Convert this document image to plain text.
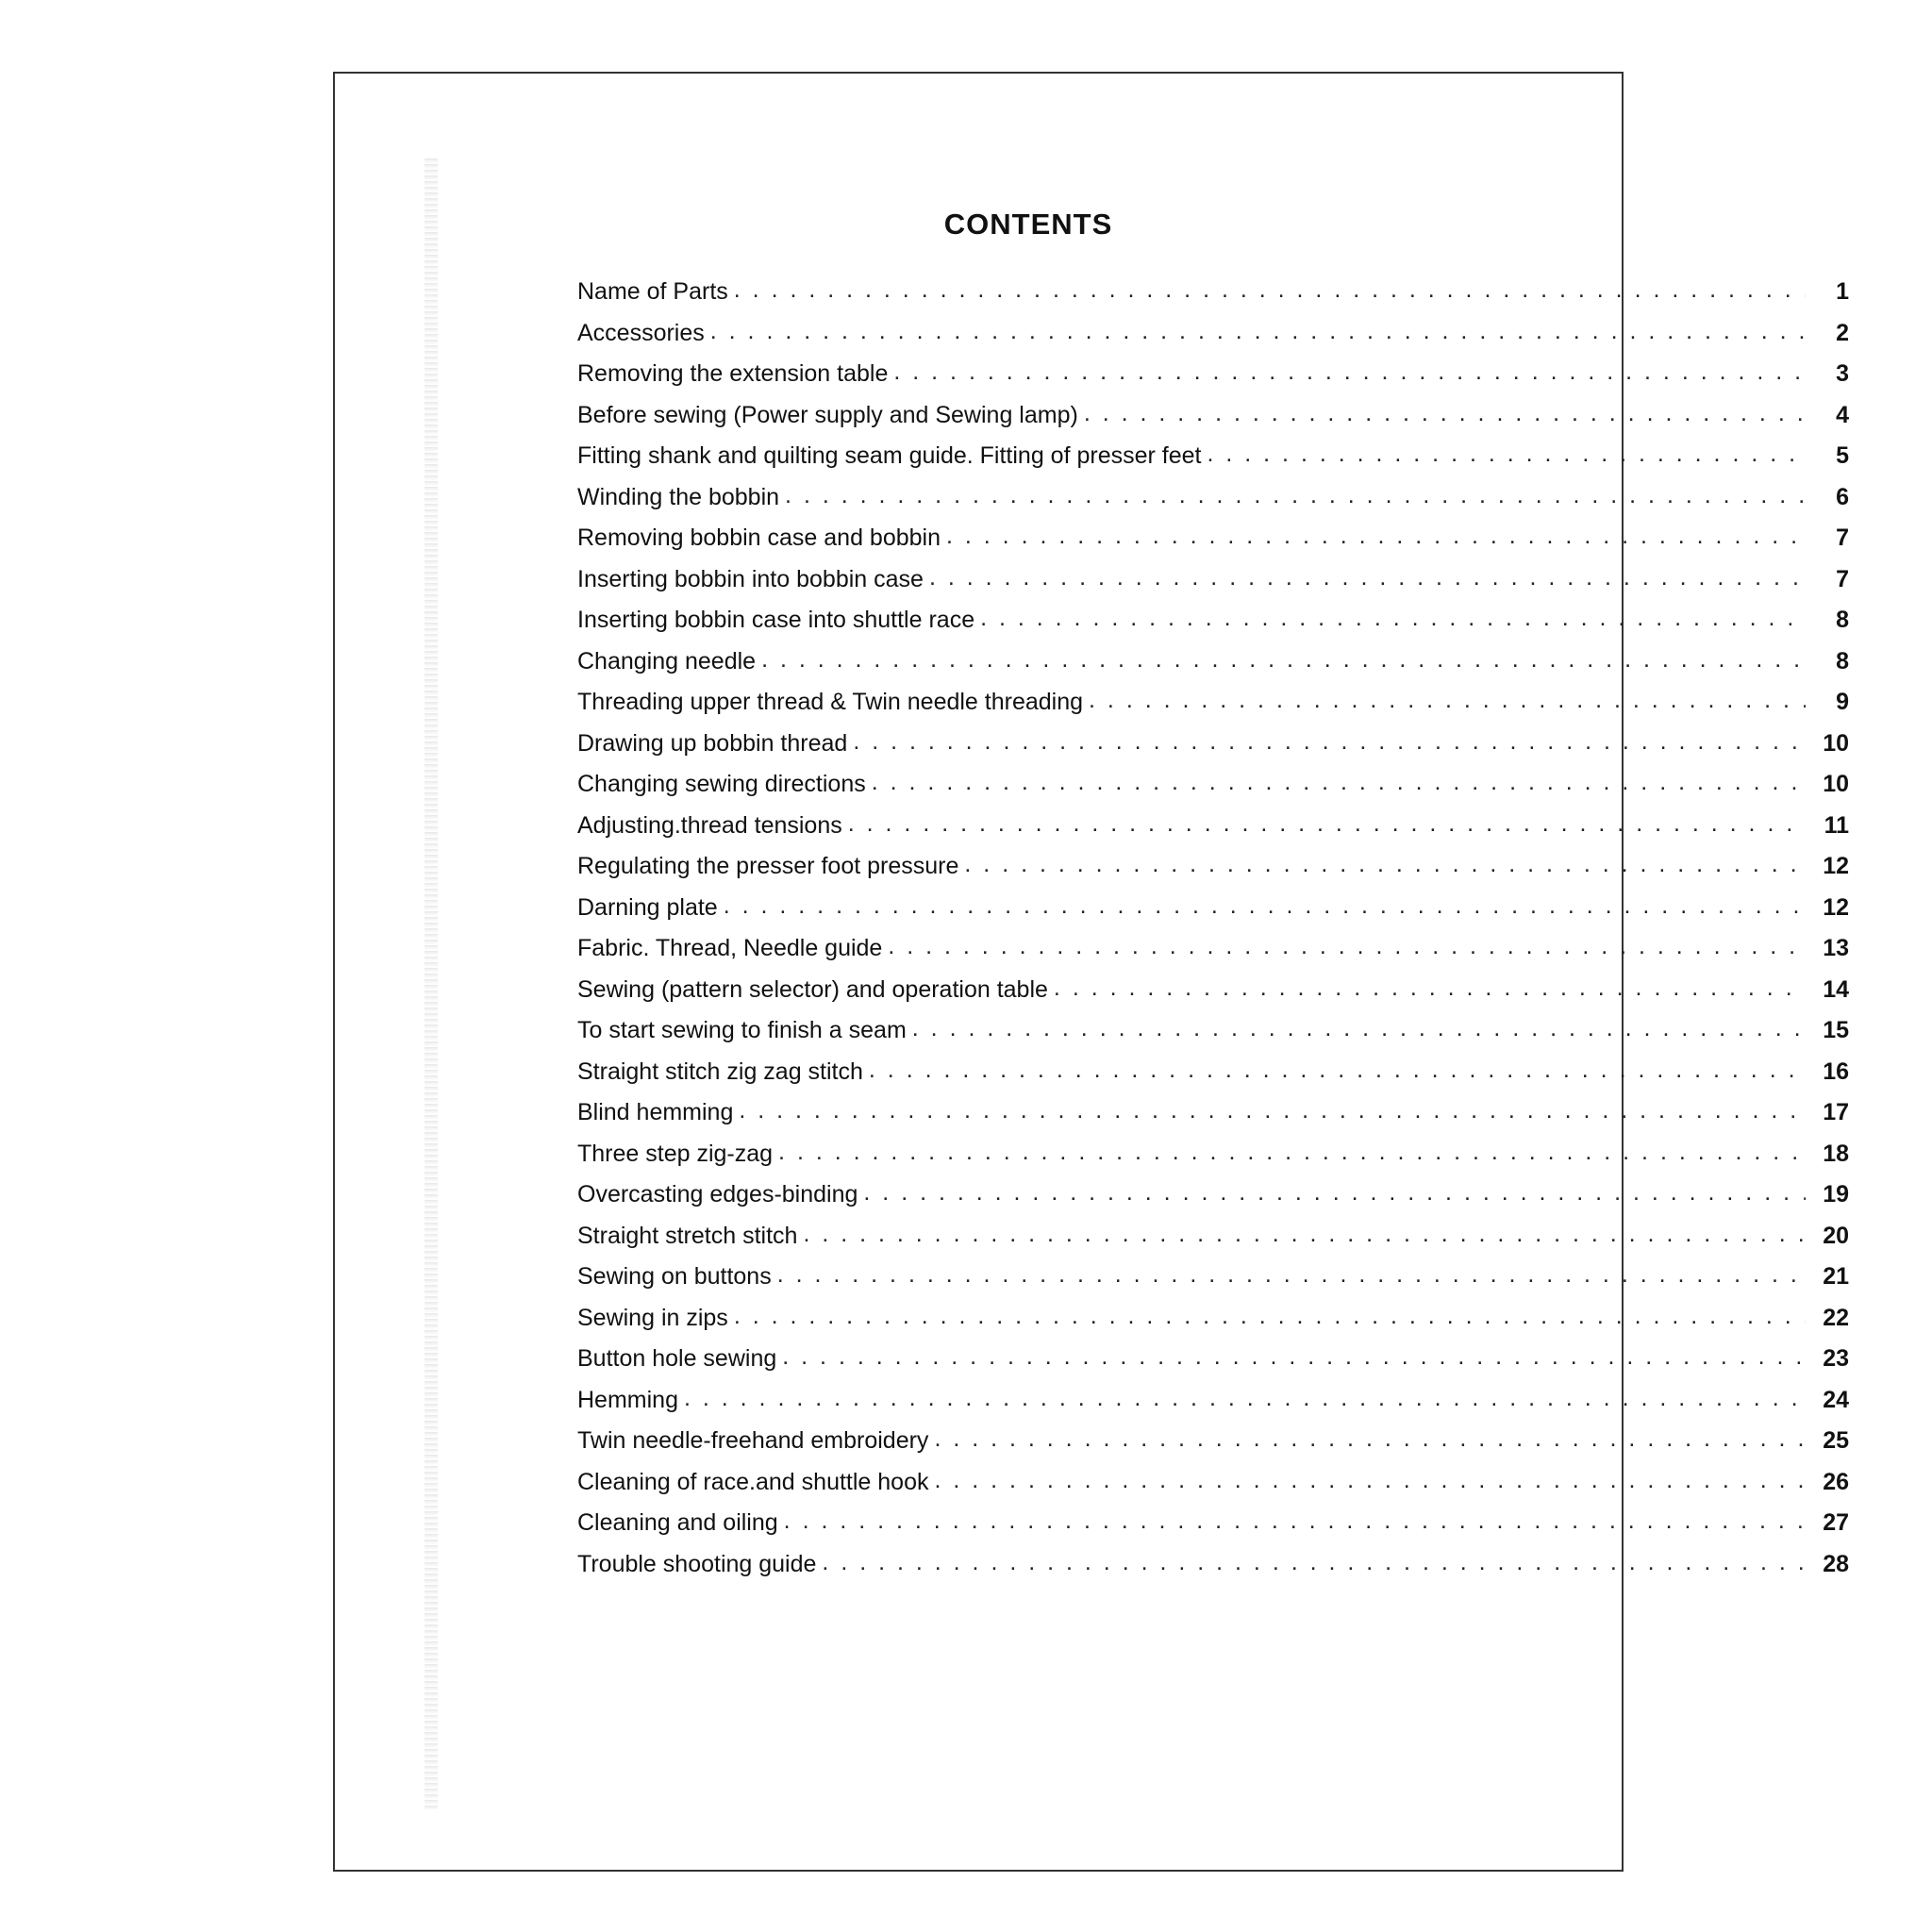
CONTENTS
Name of Parts . . .	1
Accessories . . .	2
Removing the extension table . . .	3
Before sewing (Power supply and Sewing lamp) . . .	4
Fitting shank and quilting seam guide. Fitting of presser feet . . .	5
Winding the bobbin . . .	6
Removing bobbin case and bobbin . . .	7
Inserting bobbin into bobbin case . . .	7
Inserting bobbin case into shuttle race . . .	8
Changing needle . . .	8
Threading upper thread & Twin needle threading . . .	9
Drawing up bobbin thread . . .	10
Changing sewing directions . . .	10
Adjusting.thread tensions . . .	11
Regulating the presser foot pressure . . .	12
Darning plate . . .	12
Fabric. Thread, Needle guide . . .	13
Sewing (pattern selector) and operation table . . .	14
To start sewing to finish a seam . . .	15
Straight stitch zig zag stitch . . .	16
Blind hemming . . .	17
Three step zig-zag . . .	18
Overcasting edges-binding . . .	19
Straight stretch stitch . . .	20
Sewing on buttons . . .	21
Sewing in zips . . .	22
Button hole sewing . . .	23
Hemming . . .	24
Twin needle-freehand embroidery . . .	25
Cleaning of race.and shuttle hook . . .	26
Cleaning and oiling . . .	27
Trouble shooting guide . . .	28
